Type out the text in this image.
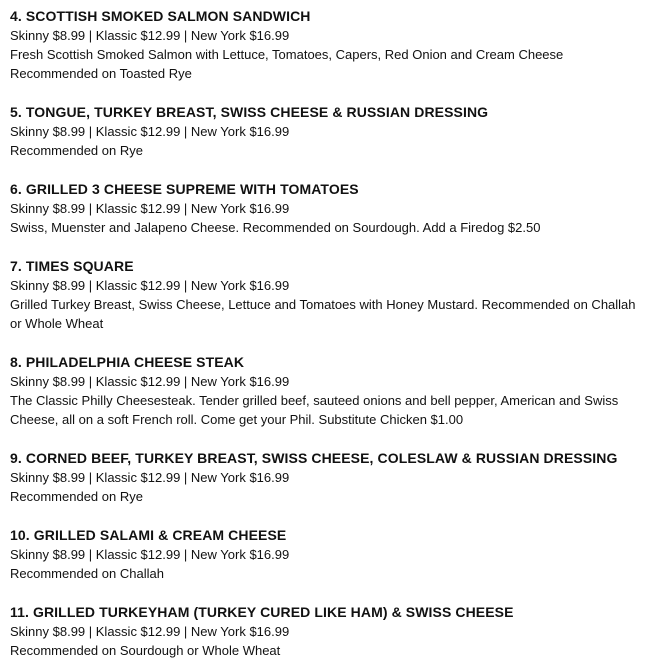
4. SCOTTISH SMOKED SALMON SANDWICH

Skinny $8.99 | Klassic $12.99 | New York $16.99

Fresh Scottish Smoked Salmon with Lettuce, Tomatoes, Capers, Red Onion and Cream Cheese

Recommended on Toasted Rye

5. TONGUE, TURKEY BREAST, SWISS CHEESE & RUSSIAN DRESSING

Skinny $8.99 | Klassic $12.99 | New York $16.99

Recommended on Rye

6. GRILLED 3 CHEESE SUPREME WITH TOMATOES

Skinny $8.99 | Klassic $12.99 | New York $16.99

Swiss, Muenster and Jalapeno Cheese. Recommended on Sourdough. Add a Firedog $2.50

7. TIMES SQUARE

Skinny $8.99 | Klassic $12.99 | New York $16.99

Grilled Turkey Breast, Swiss Cheese, Lettuce and Tomatoes with Honey Mustard. Recommended on Challah or Whole Wheat

8. PHILADELPHIA CHEESE STEAK

Skinny $8.99 | Klassic $12.99 | New York $16.99

The Classic Philly Cheesesteak. Tender grilled beef, sauteed onions and bell pepper, American and Swiss Cheese, all on a soft French roll. Come get your Phil. Substitute Chicken $1.00

9. CORNED BEEF, TURKEY BREAST, SWISS CHEESE, COLESLAW & RUSSIAN DRESSING

Skinny $8.99 | Klassic $12.99 | New York $16.99

Recommended on Rye

10. GRILLED SALAMI & CREAM CHEESE

Skinny $8.99 | Klassic $12.99 | New York $16.99

Recommended on Challah

11. GRILLED TURKEYHAM (TURKEY CURED LIKE HAM) & SWISS CHEESE

Skinny $8.99 | Klassic $12.99 | New York $16.99

Recommended on Sourdough or Whole Wheat
